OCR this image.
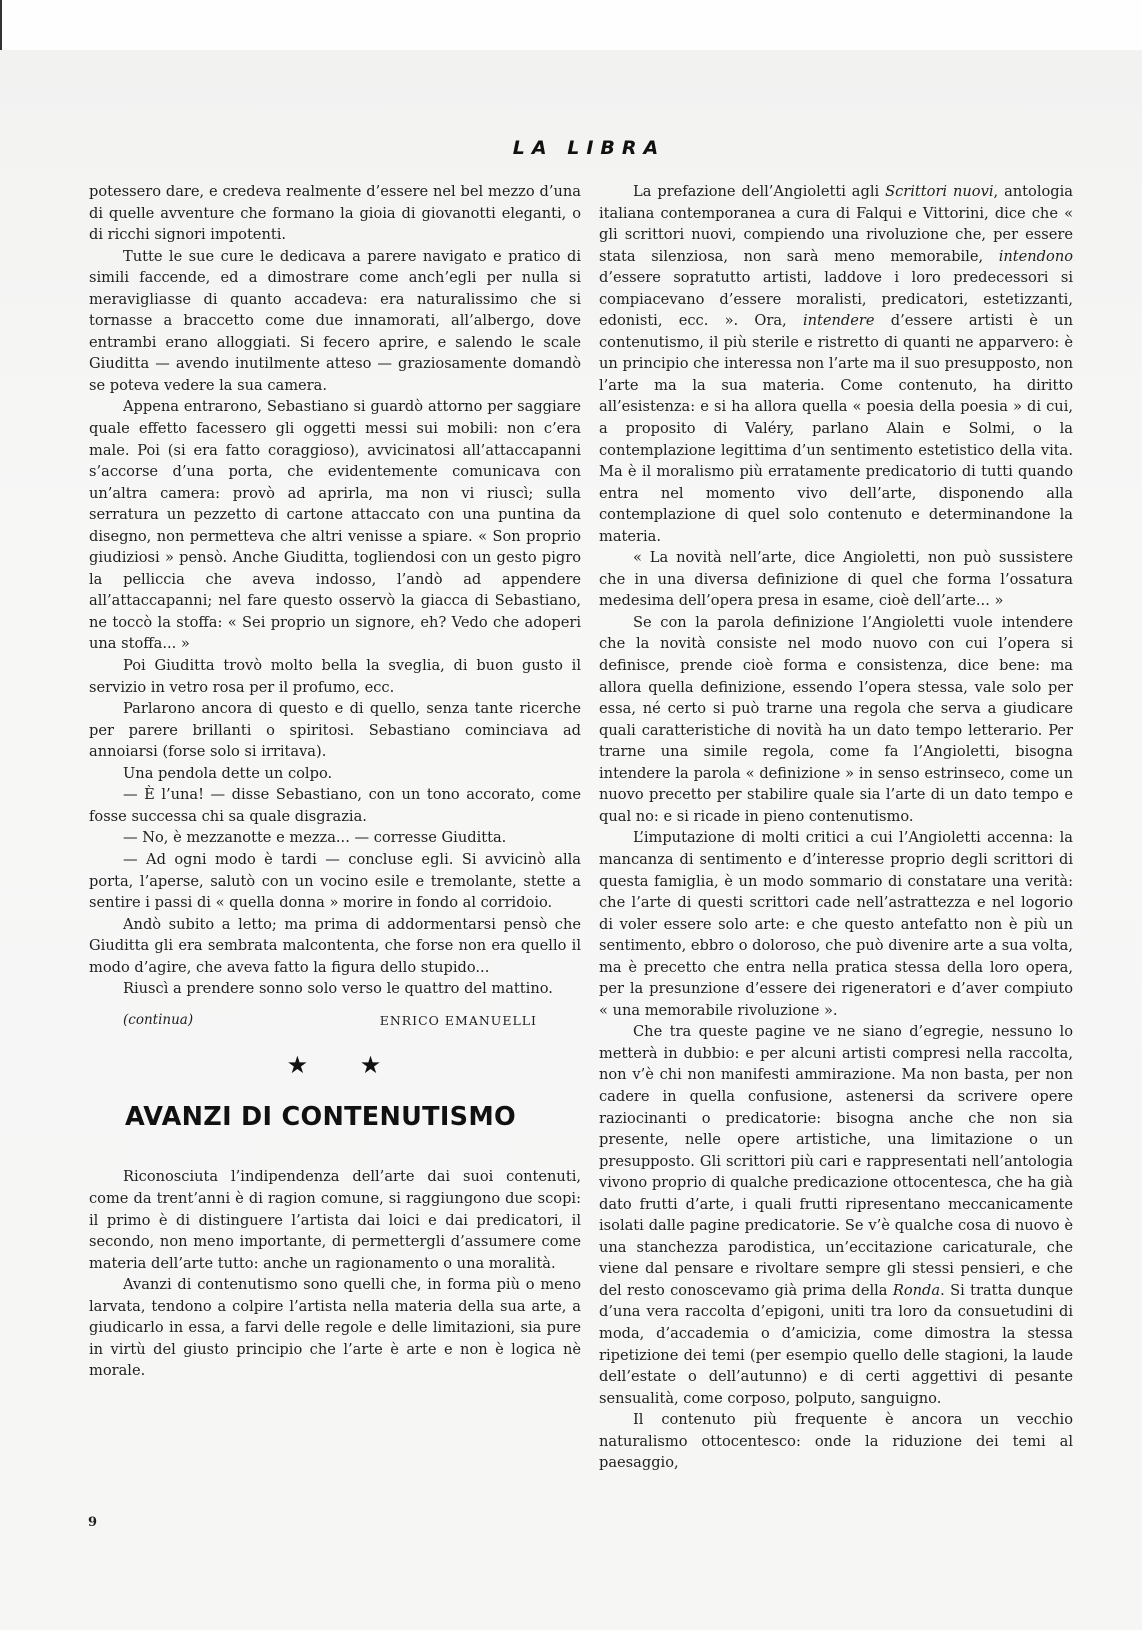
LA LIBRA

potessero dare, e credeva realmente d’essere nel bel mezzo d’una di quelle avventure che formano la gioia di giovanotti eleganti, o di ricchi signori impotenti.

Tutte le sue cure le dedicava a parere navigato e pratico di simili faccende, ed a dimostrare come anch’egli per nulla si meravigliasse di quanto accadeva: era naturalissimo che si tornasse a braccetto come due innamorati, all’albergo, dove entrambi erano alloggiati. Si fecero aprire, e salendo le scale Giuditta — avendo inutilmente atteso — graziosamente domandò se poteva vedere la sua camera.

Appena entrarono, Sebastiano si guardò attorno per saggiare quale effetto facessero gli oggetti messi sui mobili: non c’era male. Poi (si era fatto coraggioso), avvicinatosi all’attaccapanni s’accorse d’una porta, che evidentemente comunicava con un’altra camera: provò ad aprirla, ma non vi riuscì; sulla serratura un pezzetto di cartone attaccato con una puntina da disegno, non permetteva che altri venisse a spiare. « Son proprio giudiziosi » pensò. Anche Giuditta, togliendosi con un gesto pigro la pelliccia che aveva indosso, l’andò ad appendere all’attaccapanni; nel fare questo osservò la giacca di Sebastiano, ne toccò la stoffa: « Sei proprio un signore, eh? Vedo che adoperi una stoffa... »

Poi Giuditta trovò molto bella la sveglia, di buon gusto il servizio in vetro rosa per il profumo, ecc.

Parlarono ancora di questo e di quello, senza tante ricerche per parere brillanti o spiritosi. Sebastiano cominciava ad annoiarsi (forse solo si irritava).

Una pendola dette un colpo.

— È l’una! — disse Sebastiano, con un tono accorato, come fosse successa chi sa quale disgrazia.

— No, è mezzanotte e mezza... — corresse Giuditta.

— Ad ogni modo è tardi — concluse egli. Si avvicinò alla porta, l’aperse, salutò con un vocino esile e tremolante, stette a sentire i passi di « quella donna » morire in fondo al corridoio.

Andò subito a letto; ma prima di addormentarsi pensò che Giuditta gli era sembrata malcontenta, che forse non era quello il modo d’agire, che aveva fatto la figura dello stupido...

Riuscì a prendere sonno solo verso le quattro del mattino.

(continua)	ENRICO EMANUELLI
★ ★
AVANZI DI CONTENUTISMO

Riconosciuta l’indipendenza dell’arte dai suoi contenuti, come da trent’anni è di ragion comune, si raggiungono due scopi: il primo è di distinguere l’artista dai loici e dai predicatori, il secondo, non meno importante, di permettergli d’assumere come materia dell’arte tutto: anche un ragionamento o una moralità.

Avanzi di contenutismo sono quelli che, in forma più o meno larvata, tendono a colpire l’artista nella materia della sua arte, a giudicarlo in essa, a farvi delle regole e delle limitazioni, sia pure in virtù del giusto principio che l’arte è arte e non è logica nè morale.

La prefazione dell’Angioletti agli Scrittori nuovi, antologia italiana contemporanea a cura di Falqui e Vittorini, dice che « gli scrittori nuovi, compiendo una rivoluzione che, per essere stata silenziosa, non sarà meno memorabile, intendono d’essere sopratutto artisti, laddove i loro predecessori si compiacevano d’essere moralisti, predicatori, estetizzanti, edonisti, ecc. ». Ora, intendere d’essere artisti è un contenutismo, il più sterile e ristretto di quanti ne apparvero: è un principio che interessa non l’arte ma il suo presupposto, non l’arte ma la sua materia. Come contenuto, ha diritto all’esistenza: e si ha allora quella « poesia della poesia » di cui, a proposito di Valéry, parlano Alain e Solmi, o la contemplazione legittima d’un sentimento estetistico della vita. Ma è il moralismo più erratamente predicatorio di tutti quando entra nel momento vivo dell’arte, disponendo alla contemplazione di quel solo contenuto e determinandone la materia.

« La novità nell’arte, dice Angioletti, non può sussistere che in una diversa definizione di quel che forma l’ossatura medesima dell’opera presa in esame, cioè dell’arte... »

Se con la parola definizione l’Angioletti vuole intendere che la novità consiste nel modo nuovo con cui l’opera si definisce, prende cioè forma e consistenza, dice bene: ma allora quella definizione, essendo l’opera stessa, vale solo per essa, né certo si può trarne una regola che serva a giudicare quali caratteristiche di novità ha un dato tempo letterario. Per trarne una simile regola, come fa l’Angioletti, bisogna intendere la parola « definizione » in senso estrinseco, come un nuovo precetto per stabilire quale sia l’arte di un dato tempo e qual no: e si ricade in pieno contenutismo.

L’imputazione di molti critici a cui l’Angioletti accenna: la mancanza di sentimento e d’interesse proprio degli scrittori di questa famiglia, è un modo sommario di constatare una verità: che l’arte di questi scrittori cade nell’astrattezza e nel logorio di voler essere solo arte: e che questo antefatto non è più un sentimento, ebbro o doloroso, che può divenire arte a sua volta, ma è precetto che entra nella pratica stessa della loro opera, per la presunzione d’essere dei rigeneratori e d’aver compiuto « una memorabile rivoluzione ».

Che tra queste pagine ve ne siano d’egregie, nessuno lo metterà in dubbio: e per alcuni artisti compresi nella raccolta, non v’è chi non manifesti ammirazione. Ma non basta, per non cadere in quella confusione, astenersi da scrivere opere raziocinanti o predicatorie: bisogna anche che non sia presente, nelle opere artistiche, una limitazione o un presupposto. Gli scrittori più cari e rappresentati nell’antologia vivono proprio di qualche predicazione ottocentesca, che ha già dato frutti d’arte, i quali frutti ripresentano meccanicamente isolati dalle pagine predicatorie. Se v’è qualche cosa di nuovo è una stanchezza parodistica, un’eccitazione caricaturale, che viene dal pensare e rivoltare sempre gli stessi pensieri, e che del resto conoscevamo già prima della Ronda. Si tratta dunque d’una vera raccolta d’epigoni, uniti tra loro da consuetudini di moda, d’accademia o d’amicizia, come dimostra la stessa ripetizione dei temi (per esempio quello delle stagioni, la laude dell’estate o dell’autunno) e di certi aggettivi di pesante sensualità, come corposo, polputo, sanguigno.

Il contenuto più frequente è ancora un vecchio naturalismo ottocentesco: onde la riduzione dei temi al paesaggio,

9
